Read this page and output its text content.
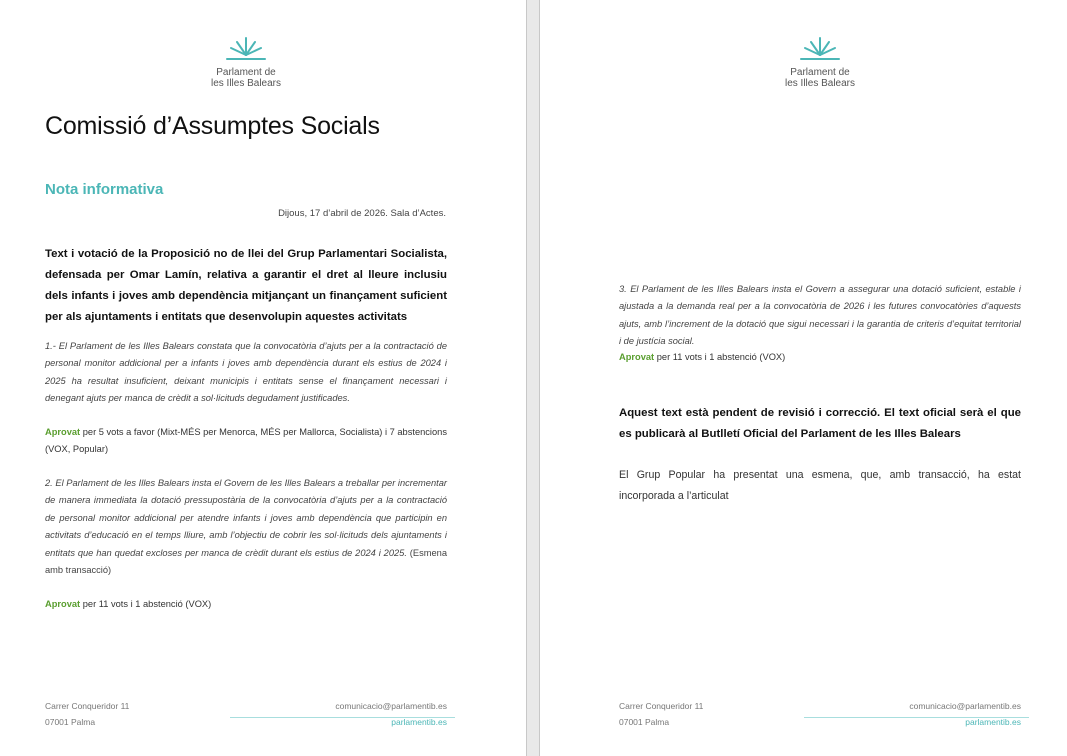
Parlament de
les Illes Balears
Comissió d’Assumptes Socials
Nota informativa
Dijous, 17 d’abril de 2026. Sala d’Actes.
Text i votació de la Proposició no de llei del Grup Parlamentari Socialista, defensada per Omar Lamín, relativa a garantir el dret al lleure inclusiu dels infants i joves amb dependència mitjançant un finançament suficient per als ajuntaments i entitats que desenvolupin aquestes activitats
1.- El Parlament de les Illes Balears constata que la convocatòria d’ajuts per a la contractació de personal monitor addicional per a infants i joves amb dependència durant els estius de 2024 i 2025 ha resultat insuficient, deixant municipis i entitats sense el finançament necessari i denegant ajuts per manca de crèdit a sol·licituds degudament justificades.
Aprovat per 5 vots a favor (Mixt-MÉS per Menorca, MÉS per Mallorca, Socialista) i 7 abstencions (VOX, Popular)
2. El Parlament de les Illes Balears insta el Govern de les Illes Balears a treballar per incrementar de manera immediata la dotació pressupostària de la convocatòria d’ajuts per a la contractació de personal monitor addicional per atendre infants i joves amb dependència que participin en activitats d’educació en el temps lliure, amb l’objectiu de cobrir les sol·licituds dels ajuntaments i entitats que han quedat excloses per manca de crèdit durant els estius de 2024 i 2025. (Esmena amb transacció)
Aprovat per 11 vots i 1 abstenció (VOX)
Carrer Conqueridor 11
07001 Palma
comunicacio@parlamentib.es
parlamentib.es
Parlament de
les Illes Balears
3. El Parlament de les Illes Balears insta el Govern a assegurar una dotació suficient, estable i ajustada a la demanda real per a la convocatòria de 2026 i les futures convocatòries d’aquests ajuts, amb l’increment de la dotació que sigui necessari i la garantia de criteris d’equitat territorial i de justícia social.
Aprovat per 11 vots i 1 abstenció (VOX)
Aquest text està pendent de revisió i correcció. El text oficial serà el que es publicarà al Butlletí Oficial del Parlament de les Illes Balears
El Grup Popular ha presentat una esmena, que, amb transacció, ha estat incorporada a l’articulat
Carrer Conqueridor 11
07001 Palma
comunicacio@parlamentib.es
parlamentib.es
